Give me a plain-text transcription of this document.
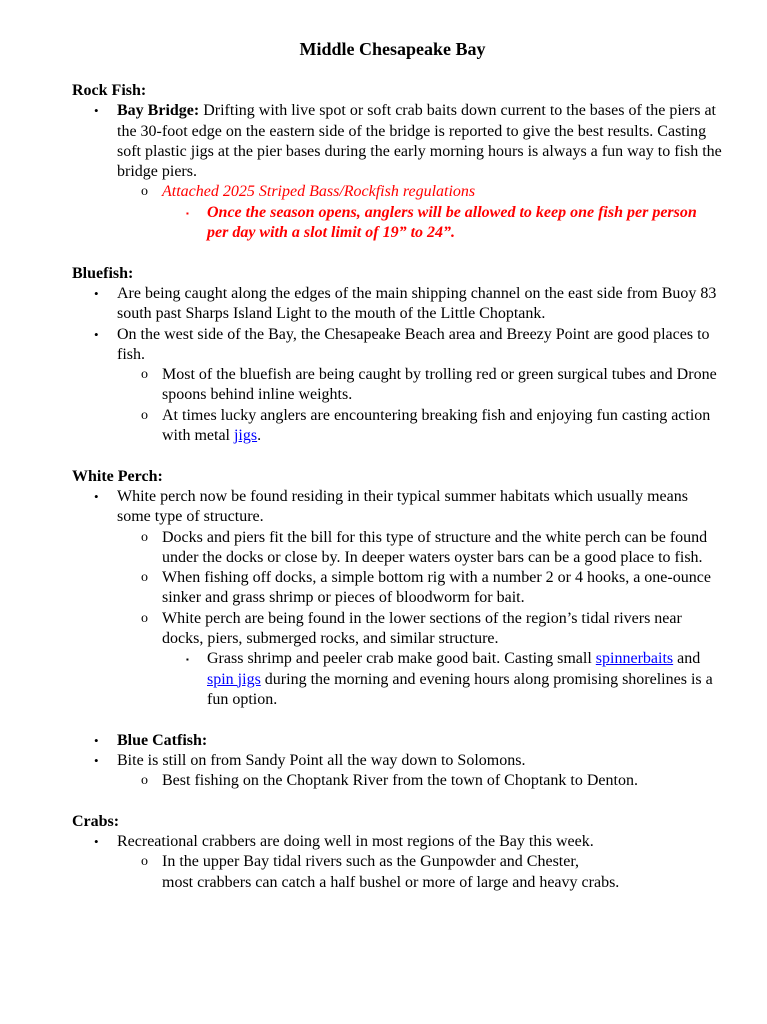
Middle Chesapeake Bay
Rock Fish:
• Bay Bridge: Drifting with live spot or soft crab baits down current to the bases of the piers at the 30-foot edge on the eastern side of the bridge is reported to give the best results. Casting soft plastic jigs at the pier bases during the early morning hours is always a fun way to fish the bridge piers.
o Attached 2025 Striped Bass/Rockfish regulations
▪ Once the season opens, anglers will be allowed to keep one fish per person per day with a slot limit of 19” to 24”.
Bluefish:
• Are being caught along the edges of the main shipping channel on the east side from Buoy 83 south past Sharps Island Light to the mouth of the Little Choptank.
• On the west side of the Bay, the Chesapeake Beach area and Breezy Point are good places to fish.
o Most of the bluefish are being caught by trolling red or green surgical tubes and Drone spoons behind inline weights.
o At times lucky anglers are encountering breaking fish and enjoying fun casting action with metal jigs.
White Perch:
• White perch now be found residing in their typical summer habitats which usually means some type of structure.
o Docks and piers fit the bill for this type of structure and the white perch can be found under the docks or close by. In deeper waters oyster bars can be a good place to fish.
o When fishing off docks, a simple bottom rig with a number 2 or 4 hooks, a one-ounce sinker and grass shrimp or pieces of bloodworm for bait.
o White perch are being found in the lower sections of the region’s tidal rivers near docks, piers, submerged rocks, and similar structure.
▪ Grass shrimp and peeler crab make good bait. Casting small spinnerbaits and spin jigs during the morning and evening hours along promising shorelines is a fun option.
• Blue Catfish:
• Bite is still on from Sandy Point all the way down to Solomons.
o Best fishing on the Choptank River from the town of Choptank to Denton.
Crabs:
• Recreational crabbers are doing well in most regions of the Bay this week.
o In the upper Bay tidal rivers such as the Gunpowder and Chester,
most crabbers can catch a half bushel or more of large and heavy crabs.
